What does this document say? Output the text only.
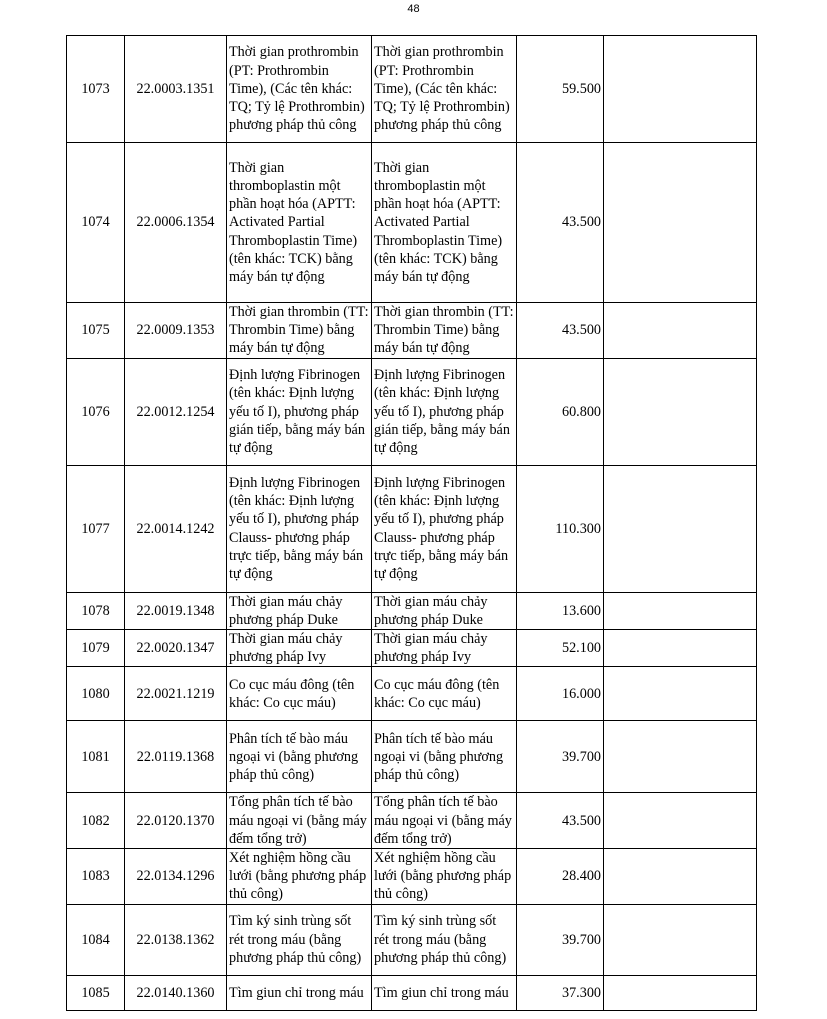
48
1073	22.0003.1351	Thời gian prothrombin (PT: Prothrombin Time), (Các tên khác: TQ; Tỷ lệ Prothrombin) phương pháp thủ công	Thời gian prothrombin (PT: Prothrombin Time), (Các tên khác: TQ; Tỷ lệ Prothrombin) phương pháp thủ công	59.500	
1074	22.0006.1354	Thời gian thromboplastin một phần hoạt hóa (APTT: Activated Partial Thromboplastin Time) (tên khác: TCK) bằng máy bán tự động	Thời gian thromboplastin một phần hoạt hóa (APTT: Activated Partial Thromboplastin Time) (tên khác: TCK) bằng máy bán tự động	43.500	
1075	22.0009.1353	Thời gian thrombin (TT: Thrombin Time) bằng máy bán tự động	Thời gian thrombin (TT: Thrombin Time) bằng máy bán tự động	43.500	
1076	22.0012.1254	Định lượng Fibrinogen (tên khác: Định lượng yếu tố I), phương pháp gián tiếp, bằng máy bán tự động	Định lượng Fibrinogen (tên khác: Định lượng yếu tố I), phương pháp gián tiếp, bằng máy bán tự động	60.800	
1077	22.0014.1242	Định lượng Fibrinogen (tên khác: Định lượng yếu tố I), phương pháp Clauss- phương pháp trực tiếp, bằng máy bán tự động	Định lượng Fibrinogen (tên khác: Định lượng yếu tố I), phương pháp Clauss- phương pháp trực tiếp, bằng máy bán tự động	110.300	
1078	22.0019.1348	Thời gian máu chảy phương pháp Duke	Thời gian máu chảy phương pháp Duke	13.600	
1079	22.0020.1347	Thời gian máu chảy phương pháp Ivy	Thời gian máu chảy phương pháp Ivy	52.100	
1080	22.0021.1219	Co cục máu đông (tên khác: Co cục máu)	Co cục máu đông (tên khác: Co cục máu)	16.000	
1081	22.0119.1368	Phân tích tế bào máu ngoại vi (bằng phương pháp thủ công)	Phân tích tế bào máu ngoại vi (bằng phương pháp thủ công)	39.700	
1082	22.0120.1370	Tổng phân tích tế bào máu ngoại vi (bằng máy đếm tổng trở)	Tổng phân tích tế bào máu ngoại vi (bằng máy đếm tổng trở)	43.500	
1083	22.0134.1296	Xét nghiệm hồng cầu lưới (bằng phương pháp thủ công)	Xét nghiệm hồng cầu lưới (bằng phương pháp thủ công)	28.400	
1084	22.0138.1362	Tìm ký sinh trùng sốt rét trong máu (bằng phương pháp thủ công)	Tìm ký sinh trùng sốt rét trong máu (bằng phương pháp thủ công)	39.700	
1085	22.0140.1360	Tìm giun chỉ trong máu	Tìm giun chỉ trong máu	37.300	
